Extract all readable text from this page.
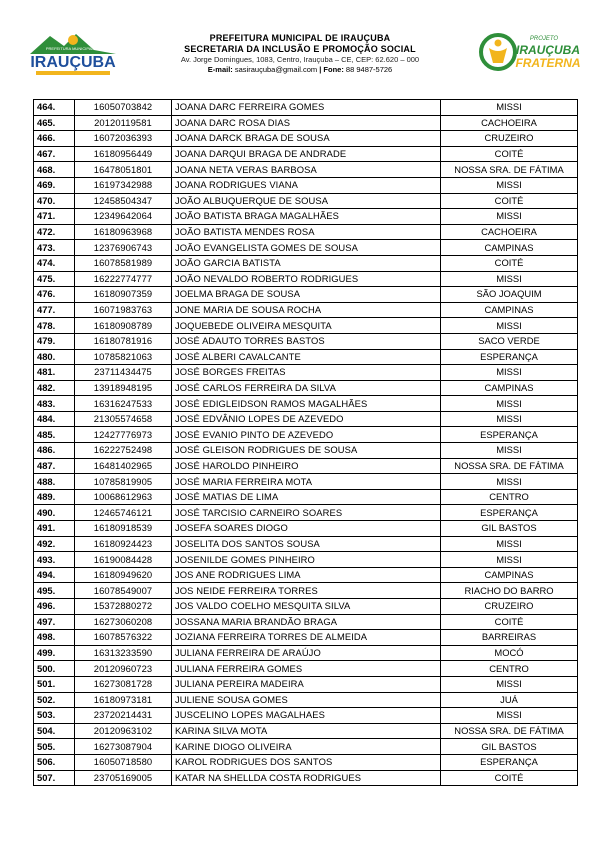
PREFEITURA MUNICIPAL DE
IRAUÇUBA
PREFEITURA MUNICIPAL DE IRAUÇUBA
SECRETARIA DA INCLUSÃO E PROMOÇÃO SOCIAL
Av. Jorge Domingues, 1083, Centro, Irauçuba – CE, CEP: 62.620 – 000
E-mail: sasirauçuba@gmail.com | Fone: 88 9487-5726
PROJETO
IRAUÇUBA
FRATERNA
464.	16050703842	JOANA DARC FERREIRA GOMES	MISSI
465.	20120119581	JOANA DARC ROSA DIAS	CACHOEIRA
466.	16072036393	JOANA DARCK BRAGA DE SOUSA	CRUZEIRO
467.	16180956449	JOANA DARQUI BRAGA DE ANDRADE	COITÉ
468.	16478051801	JOANA NETA VERAS BARBOSA	NOSSA SRA. DE FÁTIMA
469.	16197342988	JOANA RODRIGUES VIANA	MISSI
470.	12458504347	JOÃO ALBUQUERQUE DE SOUSA	COITÉ
471.	12349642064	JOÃO BATISTA BRAGA MAGALHÃES	MISSI
472.	16180963968	JOÃO BATISTA MENDES ROSA	CACHOEIRA
473.	12376906743	JOÃO EVANGELISTA GOMES DE SOUSA	CAMPINAS
474.	16078581989	JOÃO GARCIA BATISTA	COITÉ
475.	16222774777	JOÃO NEVALDO ROBERTO RODRIGUES	MISSI
476.	16180907359	JOELMA BRAGA DE SOUSA	SÃO JOAQUIM
477.	16071983763	JONE MARIA DE SOUSA ROCHA	CAMPINAS
478.	16180908789	JOQUEBEDE OLIVEIRA MESQUITA	MISSI
479.	16180781916	JOSÉ ADAUTO TORRES BASTOS	SACO VERDE
480.	10785821063	JOSÉ ALBERI CAVALCANTE	ESPERANÇA
481.	23711434475	JOSÉ BORGES FREITAS	MISSI
482.	13918948195	JOSÉ CARLOS FERREIRA DA SILVA	CAMPINAS
483.	16316247533	JOSÉ EDIGLEIDSON RAMOS MAGALHÃES	MISSI
484.	21305574658	JOSÉ EDVÂNIO LOPES DE AZEVEDO	MISSI
485.	12427776973	JOSÉ EVANIO PINTO DE AZEVEDO	ESPERANÇA
486.	16222752498	JOSÉ GLEISON RODRIGUES DE SOUSA	MISSI
487.	16481402965	JOSÉ HAROLDO PINHEIRO	NOSSA SRA. DE FÁTIMA
488.	10785819905	JOSÉ MARIA FERREIRA MOTA	MISSI
489.	10068612963	JOSÉ MATIAS DE LIMA	CENTRO
490.	12465746121	JOSÉ TARCISIO CARNEIRO SOARES	ESPERANÇA
491.	16180918539	JOSEFA SOARES DIOGO	GIL BASTOS
492.	16180924423	JOSELITA DOS SANTOS SOUSA	MISSI
493.	16190084428	JOSENILDE GOMES PINHEIRO	MISSI
494.	16180949620	JOS ANE RODRIGUES LIMA	CAMPINAS
495.	16078549007	JOS NEIDE FERREIRA TORRES	RIACHO DO BARRO
496.	15372880272	JOS VALDO COELHO MESQUITA SILVA	CRUZEIRO
497.	16273060208	JOSSANA MARIA BRANDÃO BRAGA	COITÉ
498.	16078576322	JOZIANA FERREIRA TORRES DE ALMEIDA	BARREIRAS
499.	16313233590	JULIANA FERREIRA DE ARAÚJO	MOCÓ
500.	20120960723	JULIANA FERREIRA GOMES	CENTRO
501.	16273081728	JULIANA PEREIRA MADEIRA	MISSI
502.	16180973181	JULIENE SOUSA GOMES	JUÁ
503.	23720214431	JUSCELINO LOPES MAGALHAES	MISSI
504.	20120963102	KARINA SILVA MOTA	NOSSA SRA. DE FÁTIMA
505.	16273087904	KARINE DIOGO OLIVEIRA	GIL BASTOS
506.	16050718580	KAROL RODRIGUES DOS SANTOS	ESPERANÇA
507.	23705169005	KATAR NA SHELLDA COSTA RODRIGUES	COITÉ
